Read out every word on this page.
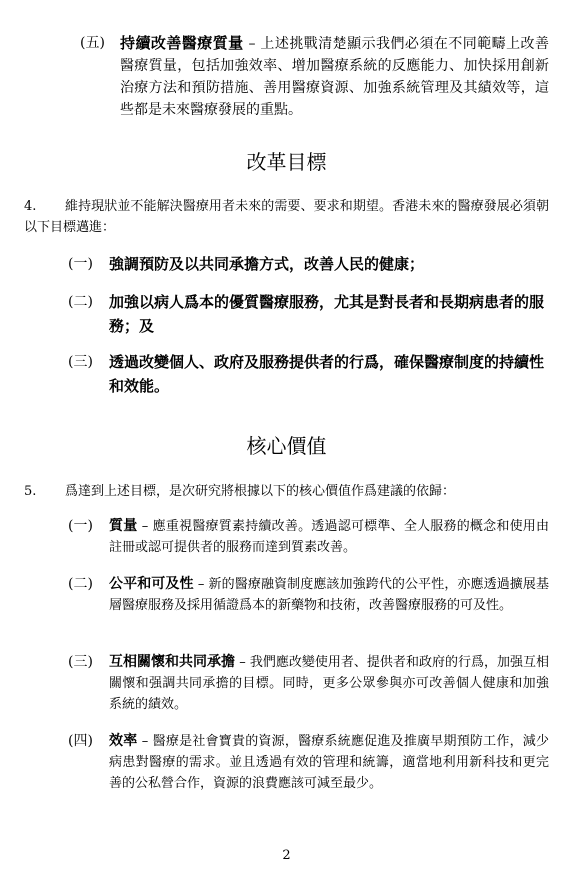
(五) 持續改善醫療質量 – 上述挑戰清楚顯示我們必須在不同範疇上改善醫療質量，包括加強效率、增加醫療系統的反應能力、加快採用創新治療方法和預防措施、善用醫療資源、加強系統管理及其績效等，這些都是未來醫療發展的重點。
改革目標
4.	維持現狀並不能解決醫療用者未來的需要、要求和期望。香港未來的醫療發展必須朝以下目標邁進：
(一) 強調預防及以共同承擔方式，改善人民的健康；
(二) 加強以病人爲本的優質醫療服務，尤其是對長者和長期病患者的服務；及
(三) 透過改變個人、政府及服務提供者的行爲，確保醫療制度的持續性和效能。
核心價值
5.	爲達到上述目標，是次研究將根據以下的核心價值作爲建議的依歸：
(一) 質量 – 應重視醫療質素持續改善。透過認可標準、全人服務的概念和使用由註冊或認可提供者的服務而達到質素改善。
(二) 公平和可及性 – 新的醫療融資制度應該加強跨代的公平性，亦應透過擴展基層醫療服務及採用循證爲本的新藥物和技術，改善醫療服務的可及性。
(三) 互相關懷和共同承擔 – 我們應改變使用者、提供者和政府的行爲，加强互相關懷和强調共同承擔的目標。同時，更多公眾參與亦可改善個人健康和加強系統的績效。
(四) 效率 – 醫療是社會寶貴的資源，醫療系統應促進及推廣早期預防工作，減少病患對醫療的需求。並且透過有效的管理和統籌，適當地利用新科技和更完善的公私營合作，資源的浪費應該可減至最少。
2
